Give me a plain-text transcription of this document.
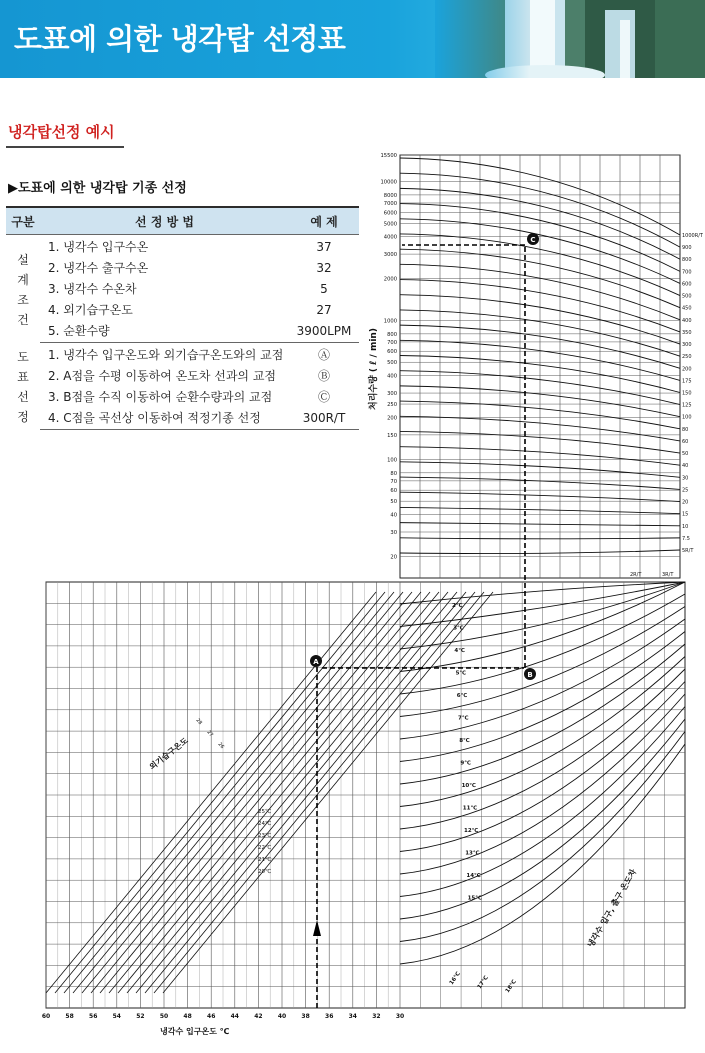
도표에 의한 냉각탑 선정표
냉각탑선정 예시
▶도표에 의한 냉각탑 기종 선정
구분	선 정 방 법	예 제
설
계
조
건	1. 냉각수 입구수온	37
	2. 냉각수 출구수온	32
	3. 냉각수 수온차	5
	4. 외기습구온도	27
	5. 순환수량	3900LPM
도
표
선
정	1. 냉각수 입구온도와 외기습구온도와의 교점	Ⓐ
	2. A점을 수평 이동하여 온도차 선과의 교점	Ⓑ
	3. B점을 수직 이동하여 순환수량과의 교점	Ⓒ
	4. C점을 곡선상 이동하여 적정기종 선정	300R/T
15500
10000
8000
7000
6000
5000
4000
3000
2000
1000
800
700
600
500
400
300
250
200
150
100
80
70
60
50
40
30
20
1000R/T
900
800
700
600
500
450
400
350
300
250
200
175
150
125
100
80
60
50
40
30
25
20
15
10
7.5
5R/T
2R/T	3R/T
처리수량 ( ℓ / min)
60	58	56	54	52	50	48	46	44	42	40	38	36	34	32	30
외기습구온도
28
27
26
25℃
24℃
23℃
22℃
21℃
20℃
2℃
3℃
4℃
5℃
6℃
7℃
8℃
9℃
10℃
11℃
12℃
13℃
14℃
15℃
16℃	17℃	18℃
냉각수 입구, 출구 온도차
냉각수 입구온도 ℃
A
B
C
